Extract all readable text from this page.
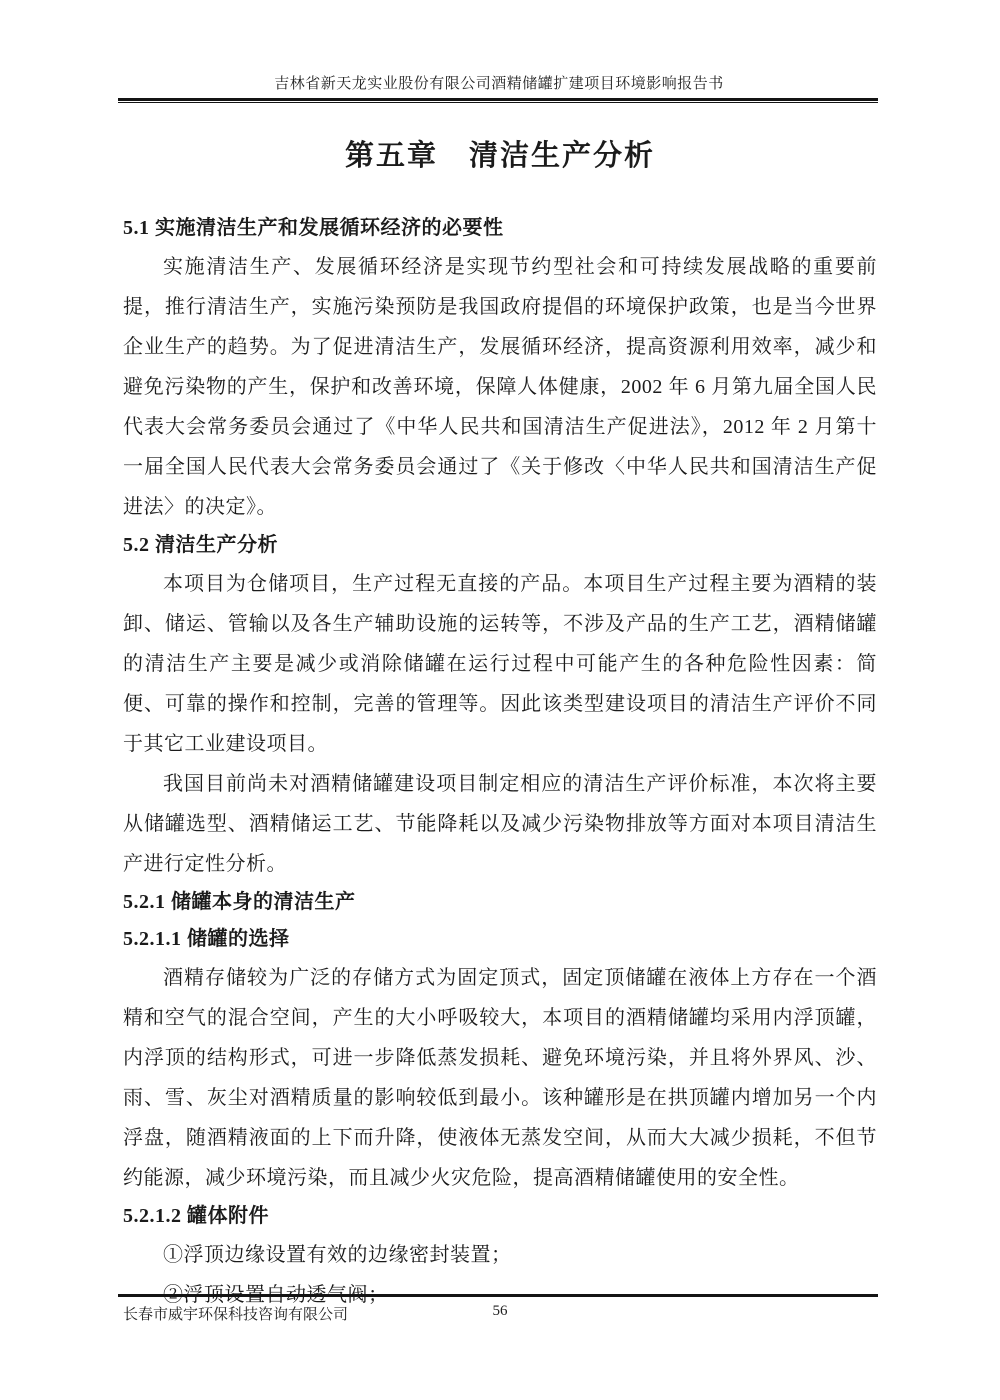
吉林省新天龙实业股份有限公司酒精储罐扩建项目环境影响报告书
第五章　清洁生产分析
5.1 实施清洁生产和发展循环经济的必要性

实施清洁生产、发展循环经济是实现节约型社会和可持续发展战略的重要前提，推行清洁生产，实施污染预防是我国政府提倡的环境保护政策，也是当今世界企业生产的趋势。为了促进清洁生产，发展循环经济，提高资源利用效率，减少和避免污染物的产生，保护和改善环境，保障人体健康，2002 年 6 月第九届全国人民代表大会常务委员会通过了《中华人民共和国清洁生产促进法》，2012 年 2 月第十一届全国人民代表大会常务委员会通过了《关于修改〈中华人民共和国清洁生产促进法〉的决定》。

5.2 清洁生产分析

本项目为仓储项目，生产过程无直接的产品。本项目生产过程主要为酒精的装卸、储运、管输以及各生产辅助设施的运转等，不涉及产品的生产工艺，酒精储罐的清洁生产主要是减少或消除储罐在运行过程中可能产生的各种危险性因素：简便、可靠的操作和控制，完善的管理等。因此该类型建设项目的清洁生产评价不同于其它工业建设项目。

我国目前尚未对酒精储罐建设项目制定相应的清洁生产评价标准，本次将主要从储罐选型、酒精储运工艺、节能降耗以及减少污染物排放等方面对本项目清洁生产进行定性分析。

5.2.1 储罐本身的清洁生产
5.2.1.1 储罐的选择

酒精存储较为广泛的存储方式为固定顶式，固定顶储罐在液体上方存在一个酒精和空气的混合空间，产生的大小呼吸较大，本项目的酒精储罐均采用内浮顶罐，内浮顶的结构形式，可进一步降低蒸发损耗、避免环境污染，并且将外界风、沙、雨、雪、灰尘对酒精质量的影响较低到最小。该种罐形是在拱顶罐内增加另一个内浮盘，随酒精液面的上下而升降，使液体无蒸发空间，从而大大减少损耗，不但节约能源，减少环境污染，而且减少火灾危险，提高酒精储罐使用的安全性。

5.2.1.2 罐体附件

①浮顶边缘设置有效的边缘密封装置；

②浮顶设置自动透气阀；

长春市威宇环保科技咨询有限公司	56
